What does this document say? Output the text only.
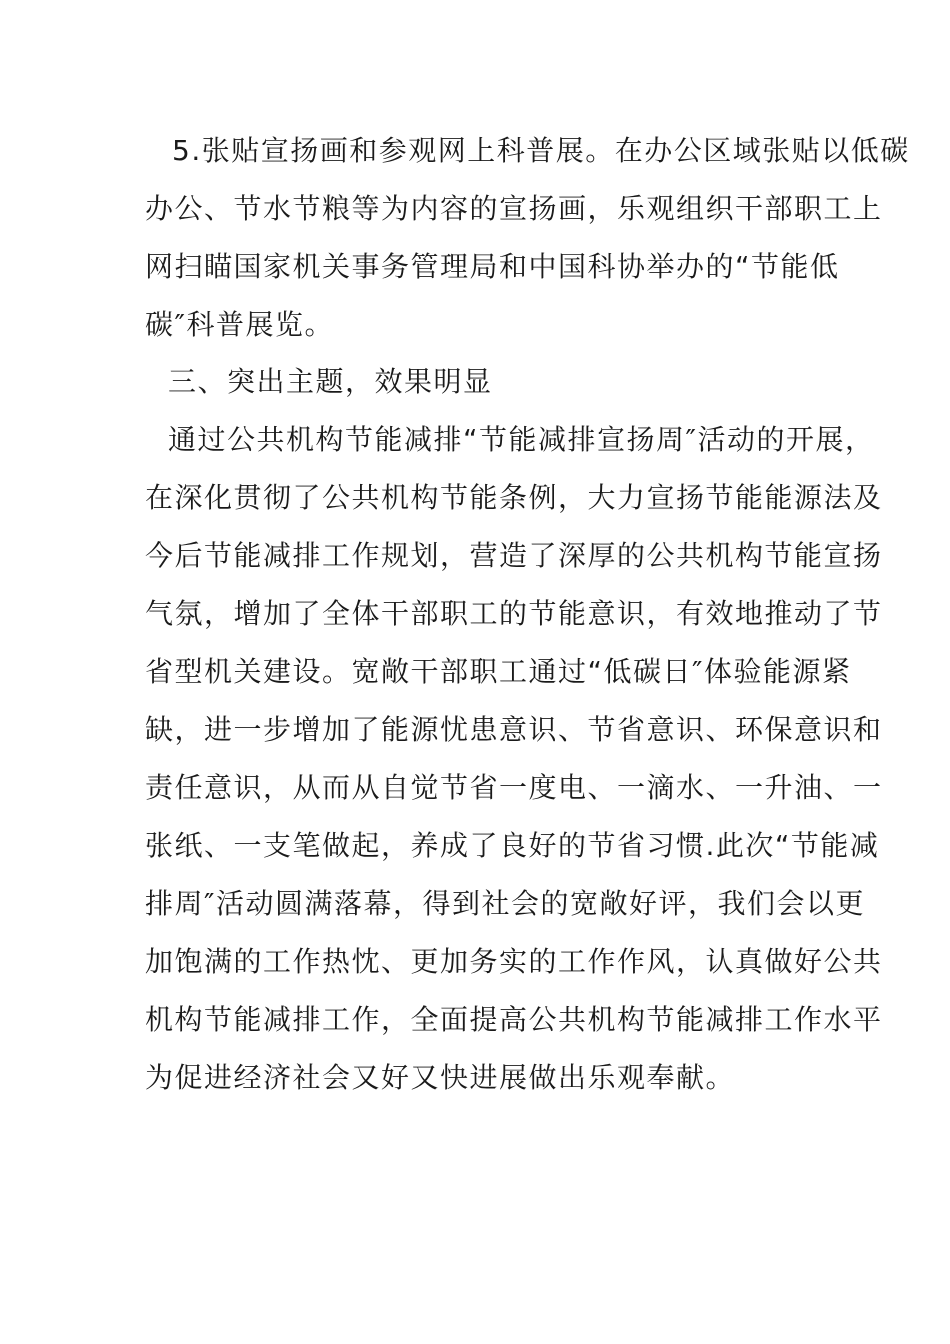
5.张贴宣扬画和参观网上科普展。在办公区域张贴以低碳
办公、节水节粮等为内容的宣扬画，乐观组织干部职工上
网扫瞄国家机关事务管理局和中国科协举办的“节能低
碳″科普展览。
三、突出主题，效果明显
通过公共机构节能减排“节能减排宣扬周″活动的开展，
在深化贯彻了公共机构节能条例，大力宣扬节能能源法及
今后节能减排工作规划，营造了深厚的公共机构节能宣扬
气氛，增加了全体干部职工的节能意识，有效地推动了节
省型机关建设。宽敞干部职工通过“低碳日″体验能源紧
缺，进一步增加了能源忧患意识、节省意识、环保意识和
责任意识，从而从自觉节省一度电、一滴水、一升油、一
张纸、一支笔做起，养成了良好的节省习惯.此次“节能减
排周″活动圆满落幕，得到社会的宽敞好评，我们会以更
加饱满的工作热忱、更加务实的工作作风，认真做好公共
机构节能减排工作，全面提高公共机构节能减排工作水平
为促进经济社会又好又快进展做出乐观奉献。
